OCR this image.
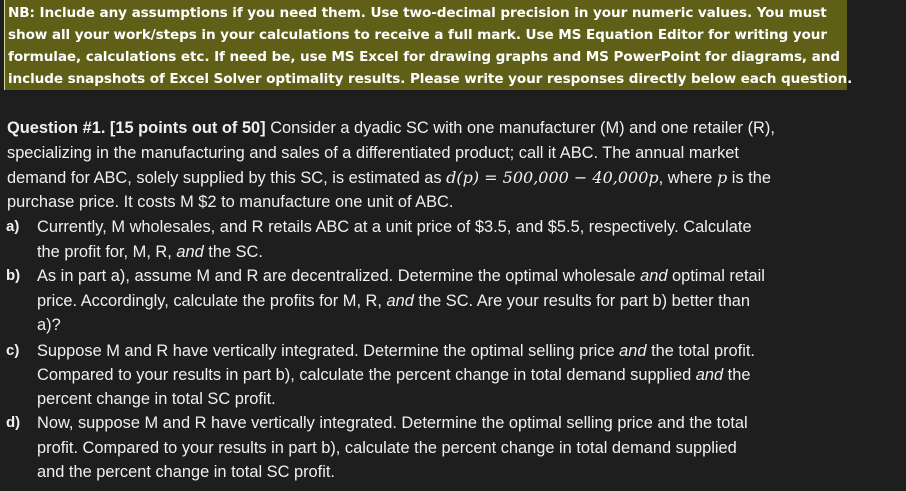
NB: Include any assumptions if you need them. Use two-decimal precision in your numeric values. You must
show all your work/steps in your calculations to receive a full mark. Use MS Equation Editor for writing your
formulae, calculations etc. If need be, use MS Excel for drawing graphs and MS PowerPoint for diagrams, and
include snapshots of Excel Solver optimality results. Please write your responses directly below each question.
Question #1. [15 points out of 50] Consider a dyadic SC with one manufacturer (M) and one retailer (R),
specializing in the manufacturing and sales of a differentiated product; call it ABC. The annual market
demand for ABC, solely supplied by this SC, is estimated as d(p) = 500,000 − 40,000p, where p is the
purchase price. It costs M $2 to manufacture one unit of ABC.
a) Currently, M wholesales, and R retails ABC at a unit price of $3.5, and $5.5, respectively. Calculate
the profit for, M, R, and the SC.
b) As in part a), assume M and R are decentralized. Determine the optimal wholesale and optimal retail
price. Accordingly, calculate the profits for M, R, and the SC. Are your results for part b) better than
a)?
c) Suppose M and R have vertically integrated. Determine the optimal selling price and the total profit.
Compared to your results in part b), calculate the percent change in total demand supplied and the
percent change in total SC profit.
d) Now, suppose M and R have vertically integrated. Determine the optimal selling price and the total
profit. Compared to your results in part b), calculate the percent change in total demand supplied
and the percent change in total SC profit.
